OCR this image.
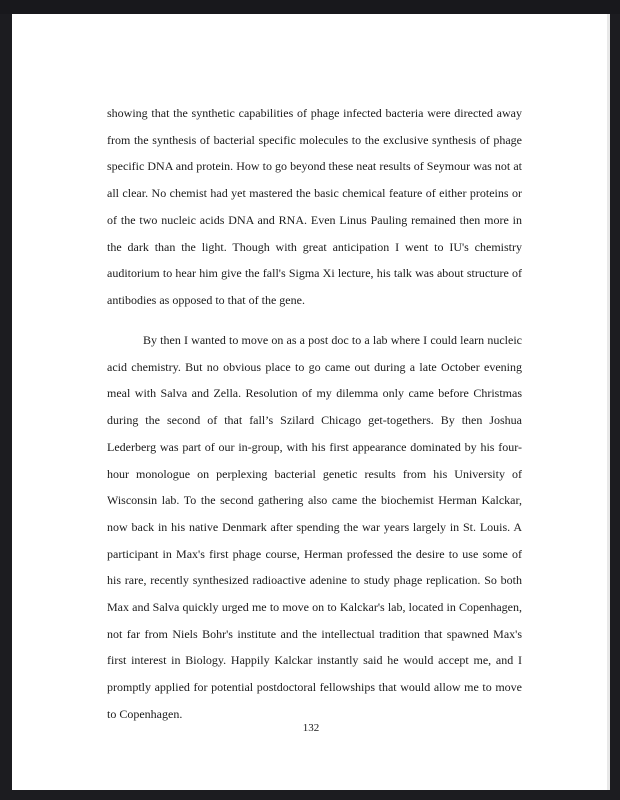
showing that the synthetic capabilities of phage infected bacteria were directed away from the synthesis of bacterial specific molecules to the exclusive synthesis of phage specific DNA and protein. How to go beyond these neat results of Seymour was not at all clear. No chemist had yet mastered the basic chemical feature of either proteins or of the two nucleic acids DNA and RNA. Even Linus Pauling remained then more in the dark than the light. Though with great anticipation I went to IU's chemistry auditorium to hear him give the fall's Sigma Xi lecture, his talk was about structure of antibodies as opposed to that of the gene.

By then I wanted to move on as a post doc to a lab where I could learn nucleic acid chemistry. But no obvious place to go came out during a late October evening meal with Salva and Zella. Resolution of my dilemma only came before Christmas during the second of that fall’s Szilard Chicago get-togethers. By then Joshua Lederberg was part of our in-group, with his first appearance dominated by his four-hour monologue on perplexing bacterial genetic results from his University of Wisconsin lab. To the second gathering also came the biochemist Herman Kalckar, now back in his native Denmark after spending the war years largely in St. Louis. A participant in Max's first phage course, Herman professed the desire to use some of his rare, recently synthesized radioactive adenine to study phage replication. So both Max and Salva quickly urged me to move on to Kalckar's lab, located in Copenhagen, not far from Niels Bohr's institute and the intellectual tradition that spawned Max's first interest in Biology. Happily Kalckar instantly said he would accept me, and I promptly applied for potential postdoctoral fellowships that would allow me to move to Copenhagen.

132
